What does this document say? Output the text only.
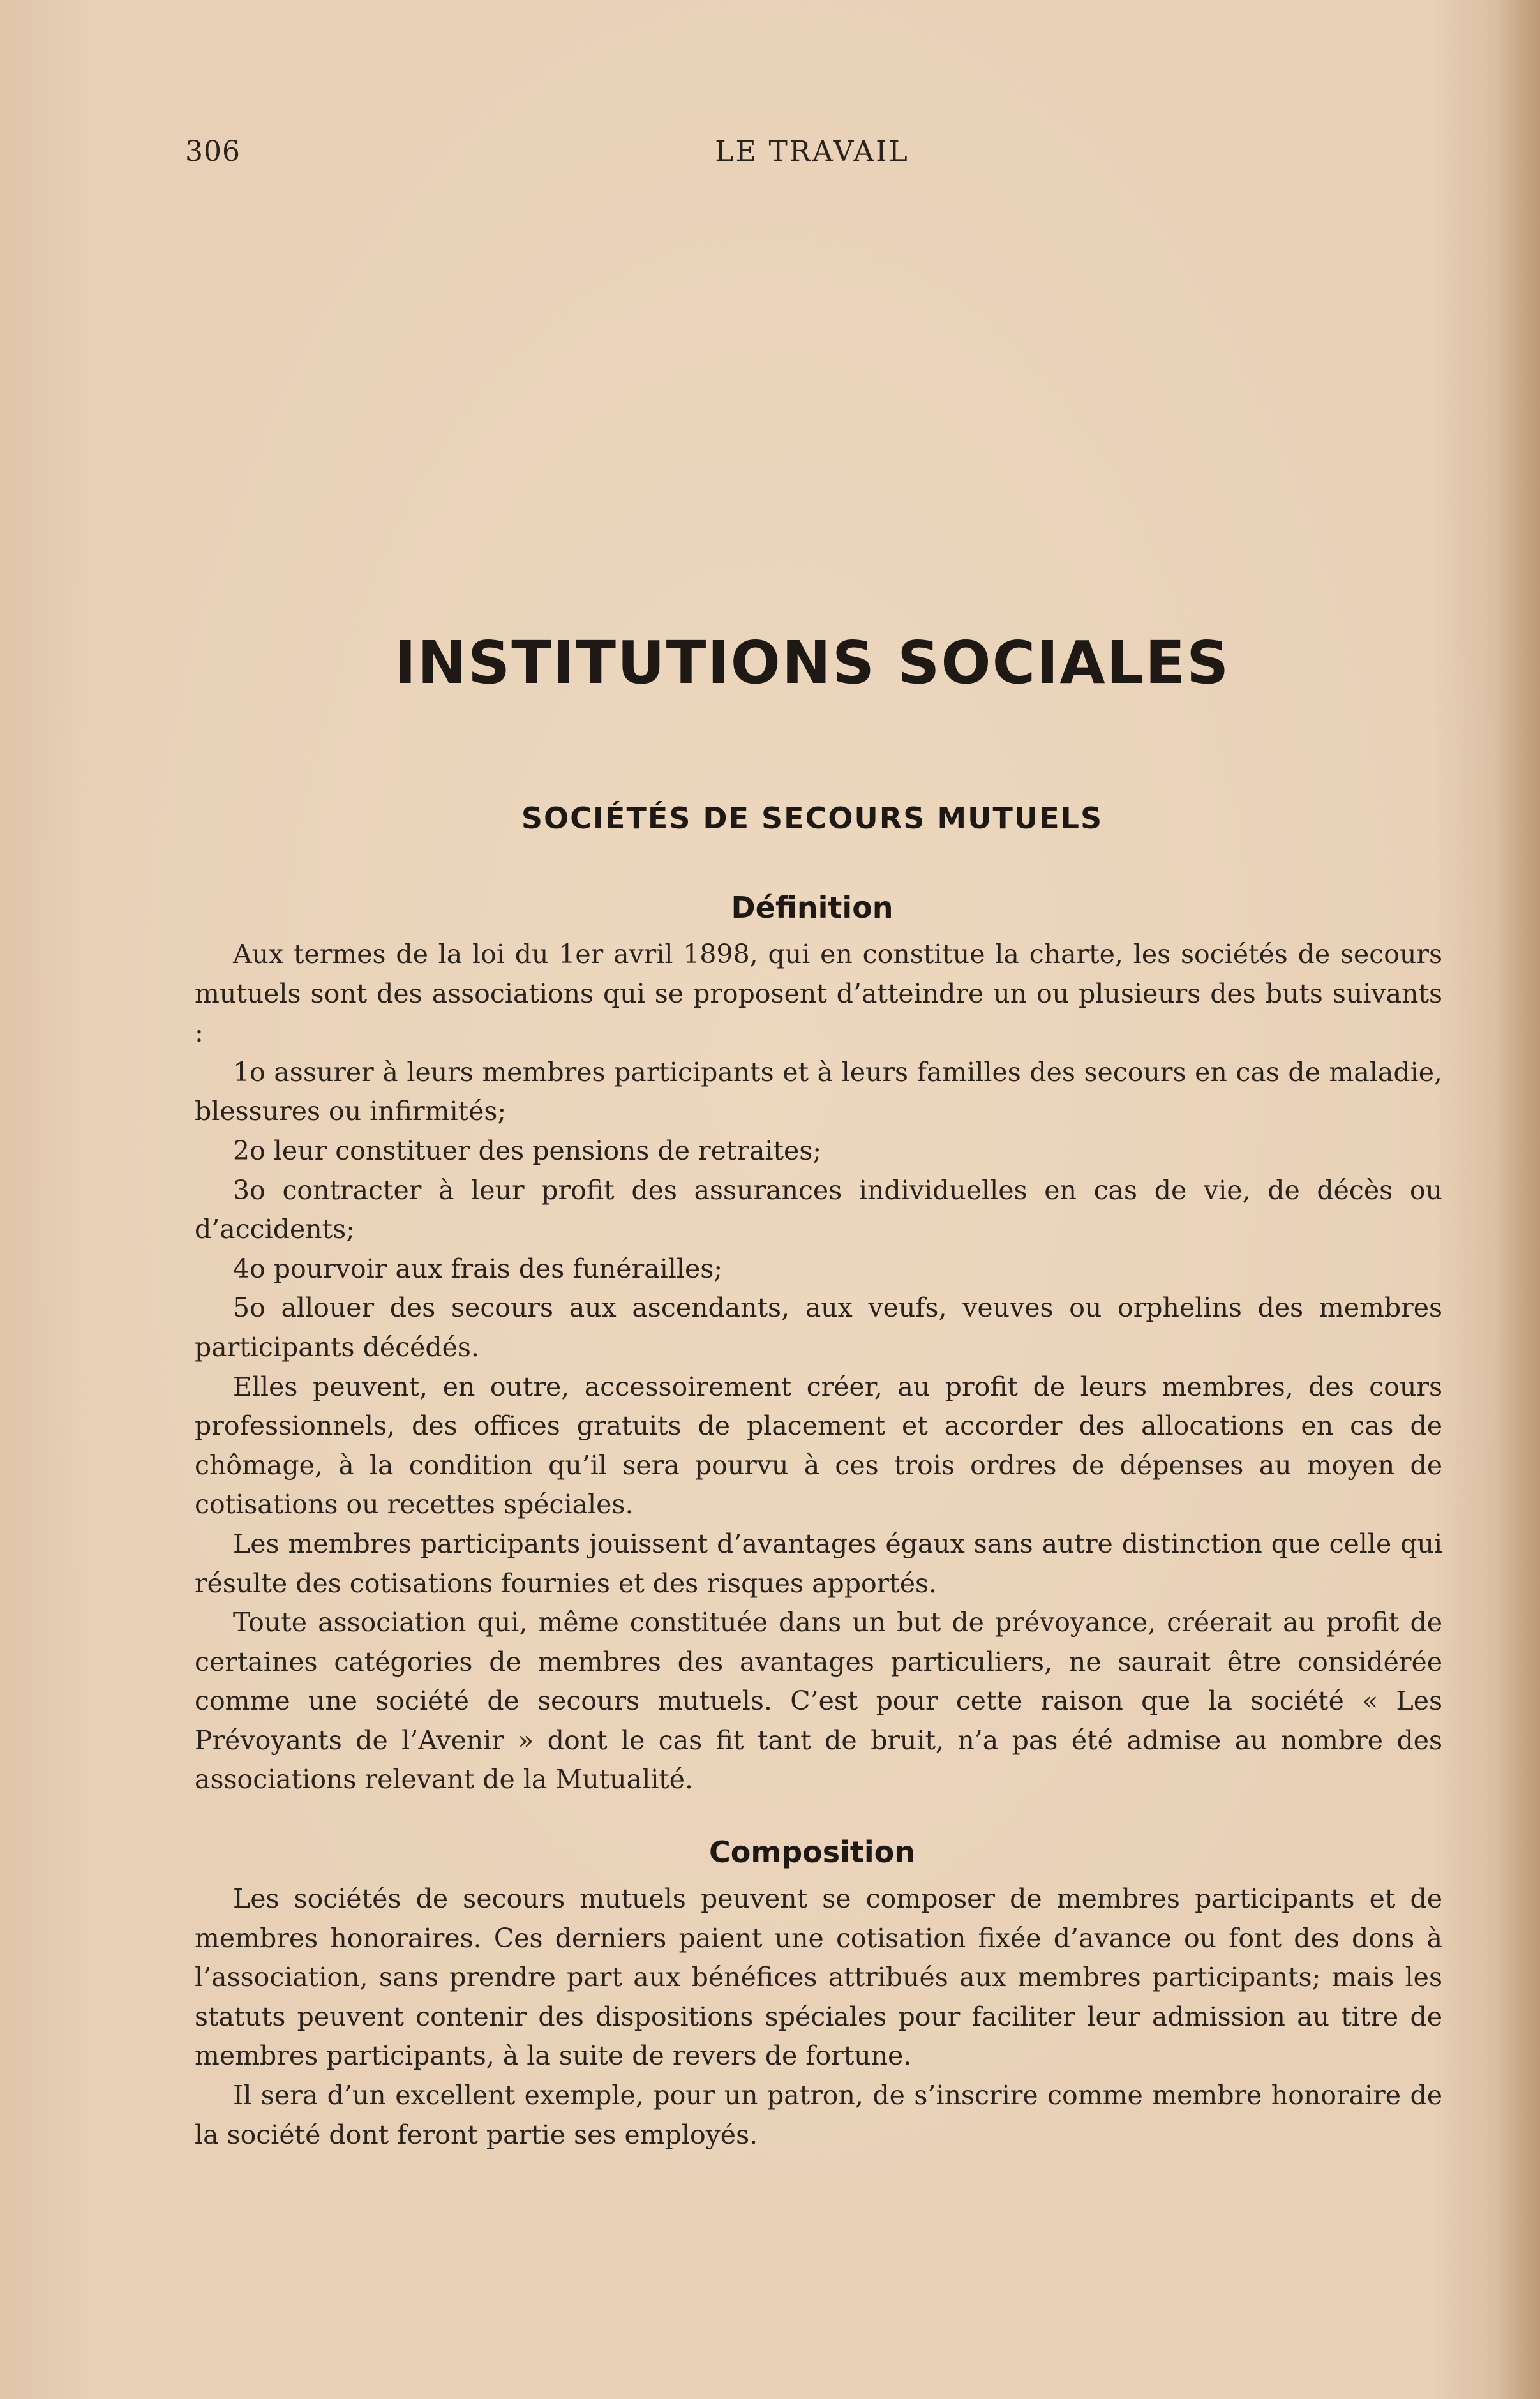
306	LE TRAVAIL
INSTITUTIONS SOCIALES
SOCIÉTÉS DE SECOURS MUTUELS
Définition

Aux termes de la loi du 1er avril 1898, qui en constitue la charte, les sociétés de secours mutuels sont des associations qui se proposent d’atteindre un ou plusieurs des buts suivants :

1o assurer à leurs membres participants et à leurs familles des secours en cas de maladie, blessures ou infirmités;

2o leur constituer des pensions de retraites;

3o contracter à leur profit des assurances individuelles en cas de vie, de décès ou d’accidents;

4o pourvoir aux frais des funérailles;

5o allouer des secours aux ascendants, aux veufs, veuves ou orphelins des membres participants décédés.

Elles peuvent, en outre, accessoirement créer, au profit de leurs membres, des cours professionnels, des offices gratuits de placement et accorder des allocations en cas de chômage, à la condition qu’il sera pourvu à ces trois ordres de dépenses au moyen de cotisations ou recettes spéciales.

Les membres participants jouissent d’avantages égaux sans autre distinction que celle qui résulte des cotisations fournies et des risques apportés.

Toute association qui, même constituée dans un but de prévoyance, créerait au profit de certaines catégories de membres des avantages particuliers, ne saurait être considérée comme une société de secours mutuels. C’est pour cette raison que la société « Les Prévoyants de l’Avenir » dont le cas fit tant de bruit, n’a pas été admise au nombre des associations relevant de la Mutualité.

Composition

Les sociétés de secours mutuels peuvent se composer de membres participants et de membres honoraires. Ces derniers paient une cotisation fixée d’avance ou font des dons à l’association, sans prendre part aux bénéfices attribués aux membres participants; mais les statuts peuvent contenir des dispositions spéciales pour faciliter leur admission au titre de membres participants, à la suite de revers de fortune.

Il sera d’un excellent exemple, pour un patron, de s’inscrire comme membre honoraire de la société dont feront partie ses employés.
